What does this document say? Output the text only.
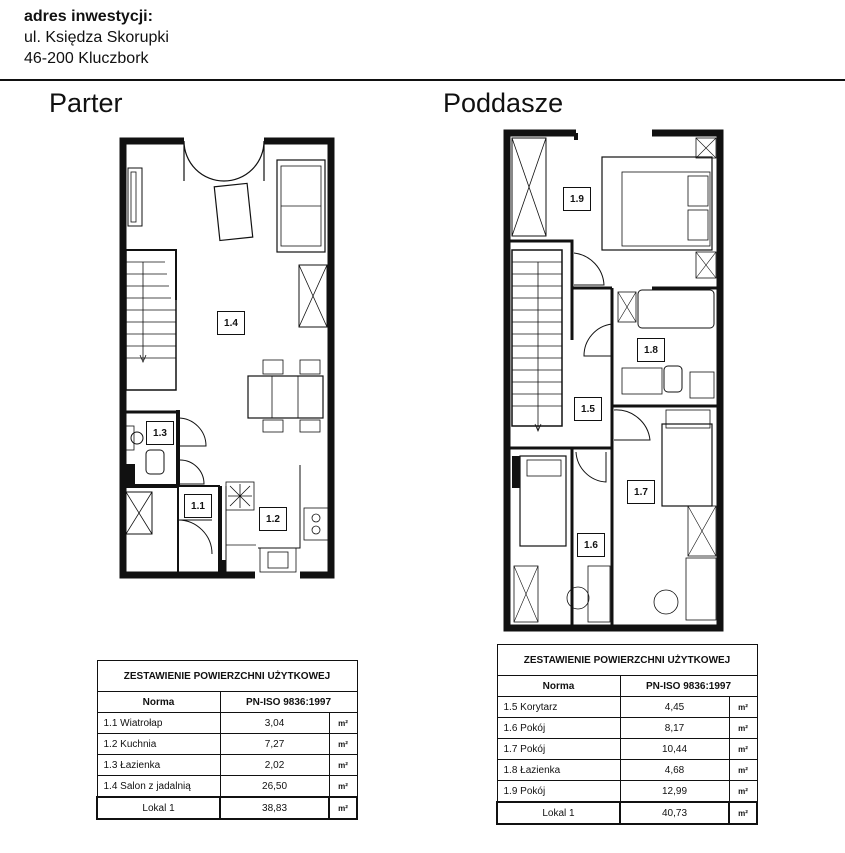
adres inwestycji:
ul. Księdza Skorupki
46-200 Kluczbork
Parter	Poddasze
1.4
1.3
1.1
1.2
1.9
1.8
1.5
1.7
1.6
ZESTAWIENIE POWIERZCHNI UŻYTKOWEJ		
Norma	PN-ISO 9836:1997	
1.1 Wiatrołap	3,04	m²
1.2 Kuchnia	7,27	m²
1.3 Łazienka	2,02	m²
1.4 Salon z jadalnią	26,50	m²
Lokal 1	38,83	m²
ZESTAWIENIE POWIERZCHNI UŻYTKOWEJ		
Norma	PN-ISO 9836:1997	
1.5 Korytarz	4,45	m²
1.6 Pokój	8,17	m²
1.7 Pokój	10,44	m²
1.8 Łazienka	4,68	m²
1.9 Pokój	12,99	m²
Lokal 1	40,73	m²
